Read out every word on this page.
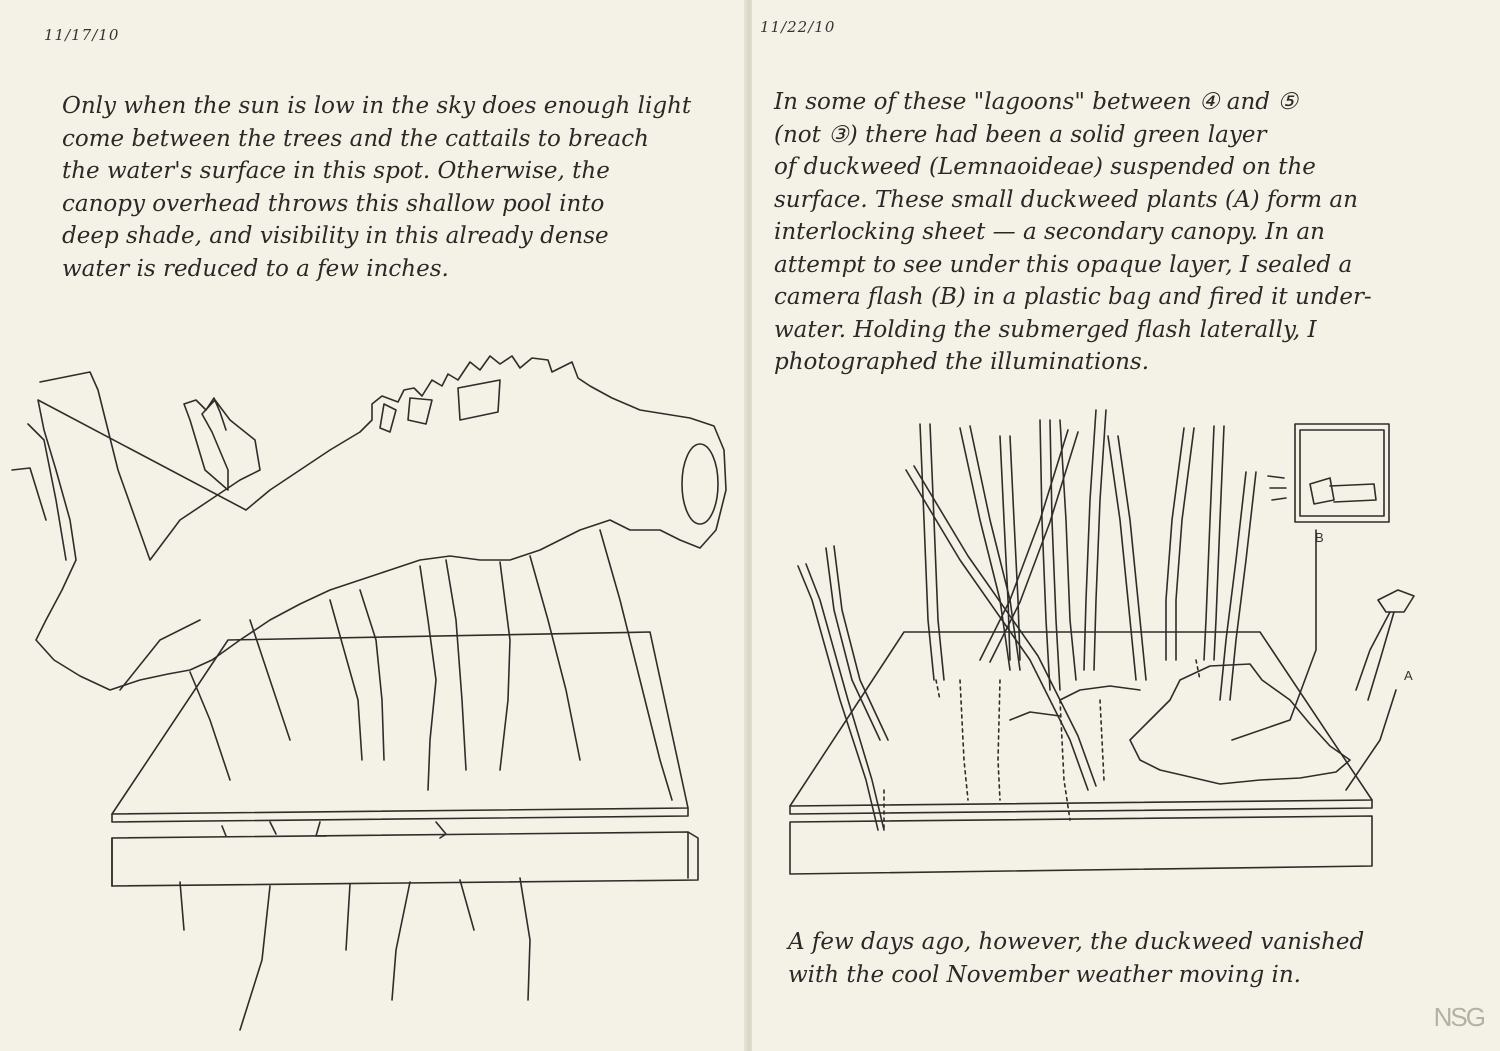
11/17/10
Only when the sun is low in the sky does enough light
come between the trees and the cattails to breach
the water's surface in this spot. Otherwise, the
canopy overhead throws this shallow pool into
deep shade, and visibility in this already dense
water is reduced to a few inches.
11/22/10
In some of these "lagoons" between ④ and ⑤
(not ③) there had been a solid green layer
of duckweed (Lemnaoideae) suspended on the
surface. These small duckweed plants (A) form an
interlocking sheet — a secondary canopy. In an
attempt to see under this opaque layer, I sealed a
camera flash (B) in a plastic bag and fired it under-
water. Holding the submerged flash laterally, I
photographed the illuminations.
B
A
A few days ago, however, the duckweed vanished
with the cool November weather moving in.
NSG
